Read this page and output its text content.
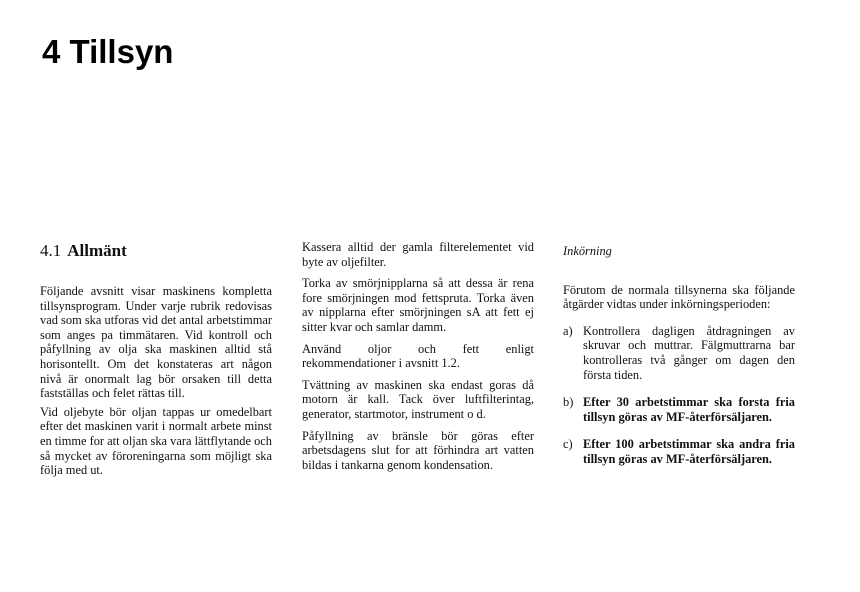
4 Tillsyn
4.1 Allmänt

Följande avsnitt visar maskinens kompletta tillsynsprogram. Under varje rubrik redovisas vad som ska utforas vid det antal arbetstimmar som anges pa timmätaren. Vid kontroll och påfyllning av olja ska maskinen alltid stå horisontellt. Om det konstateras art någon nivå är onormalt lag bör orsaken till detta fastställas och felet rättas till.

Vid oljebyte bör oljan tappas ur omedelbart efter det maskinen varit i normalt arbete minst en timme for att oljan ska vara lättflytande och så mycket av föroreningarna som möjligt ska följa med ut.

Kassera alltid der gamla filterelementet vid byte av oljefilter.

Torka av smörjnipplarna så att dessa är rena fore smörjningen mod fettspruta. Torka även av nipplarna efter smörjningen sA att fett ej sitter kvar och samlar damm.

Använd oljor och fett enligt rekommendationer i avsnitt 1.2.

Tvättning av maskinen ska endast goras då motorn är kall. Tack över luftfilterintag, generator, startmotor, instrument o d.

Påfyllning av bränsle bör göras efter arbetsdagens slut for att förhindra art vatten bildas i tankarna genom kondensation.

Inkörning

Förutom de normala tillsynerna ska följande åtgärder vidtas under inkörningsperioden:

a) Kontrollera dagligen åtdragningen av skruvar och muttrar. Fälgmuttrarna bar kontrolleras två gånger om dagen den första tiden.
b) Efter 30 arbetstimmar ska forsta fria tillsyn göras av MF-återförsäljaren.
c) Efter 100 arbetstimmar ska andra fria tillsyn göras av MF-återförsäljaren.
